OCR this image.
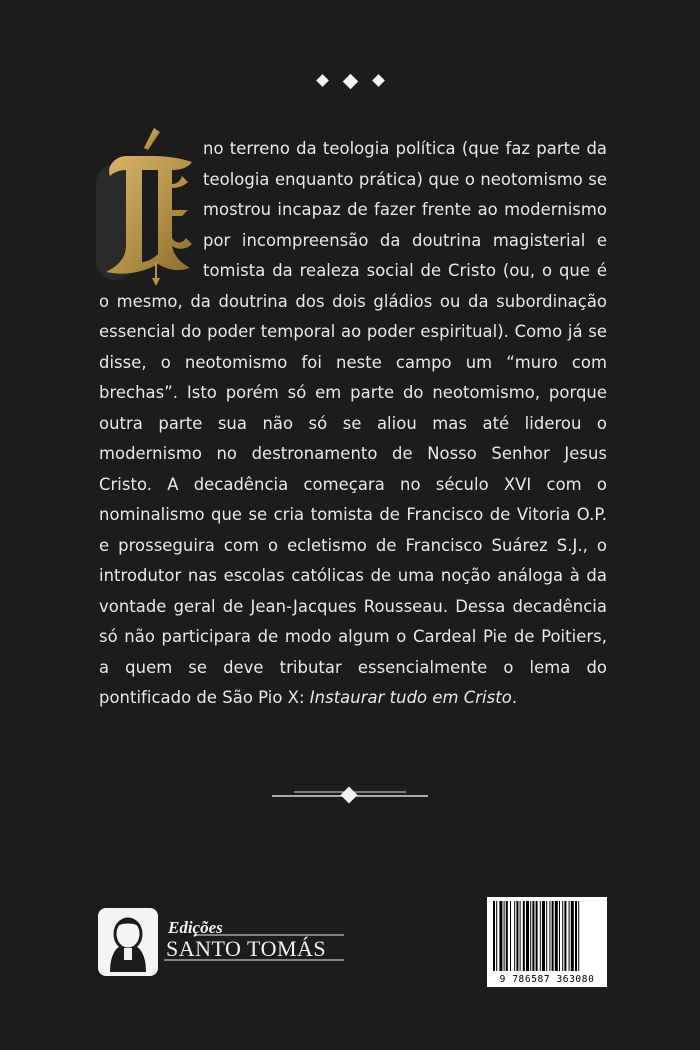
no terreno da teologia política (que faz parte da teologia enquanto prática) que o neotomismo se mostrou incapaz de fazer frente ao modernismo por incompreensão da doutrina magisterial e tomista da realeza social de Cristo (ou, o que é o mesmo, da doutrina dos dois gládios ou da subordinação essencial do poder temporal ao poder espiritual). Como já se disse, o neotomismo foi neste campo um “muro com brechas”. Isto porém só em parte do neotomismo, porque outra parte sua não só se aliou mas até liderou o modernismo no destronamento de Nosso Senhor Jesus Cristo. A decadência começara no século XVI com o nominalismo que se cria tomista de Francisco de Vitoria O.P. e prosseguira com o ecletismo de Francisco Suárez S.J., o introdutor nas escolas católicas de uma noção análoga à da vontade geral de Jean-Jacques Rousseau. Dessa decadência só não participara de modo algum o Cardeal Pie de Poitiers, a quem se deve tributar essencialmente o lema do pontificado de São Pio X: Instaurar tudo em Cristo.

Edições
SANTO TOMÁS
9 786587 363080
